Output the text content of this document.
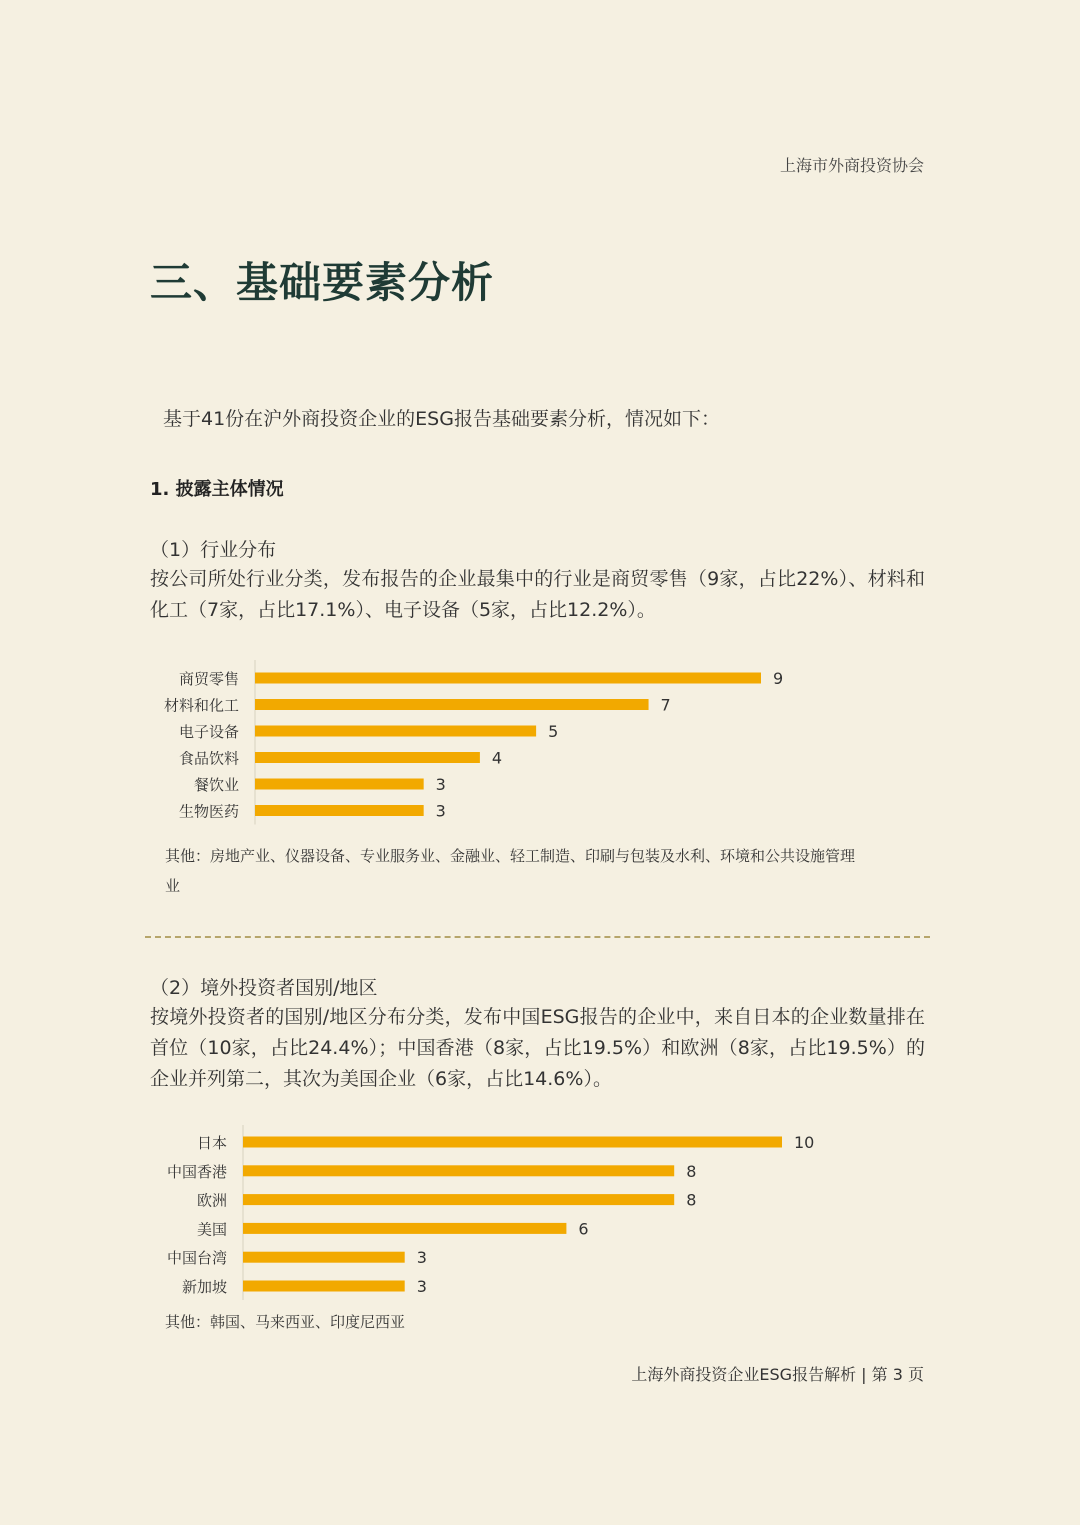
上海市外商投资协会
三、基础要素分析
基于41份在沪外商投资企业的ESG报告基础要素分析，情况如下：
1. 披露主体情况
（1）行业分布
按公司所处行业分类，发布报告的企业最集中的行业是商贸零售（9家，占比22%）、材料和化工（7家，占比17.1%）、电子设备（5家，占比12.2%）。
商贸零售	9
材料和化工	7
电子设备	5
食品饮料	4
餐饮业	3
生物医药	3
其他：房地产业、仪器设备、专业服务业、金融业、轻工制造、印刷与包装及水利、环境和公共设施管理业
（2）境外投资者国别/地区
按境外投资者的国别/地区分布分类，发布中国ESG报告的企业中，来自日本的企业数量排在首位（10家，占比24.4%）；中国香港（8家，占比19.5%）和欧洲（8家，占比19.5%）的企业并列第二，其次为美国企业（6家，占比14.6%）。
日本	10
中国香港	8
欧洲	8
美国	6
中国台湾	3
新加坡	3
其他：韩国、马来西亚、印度尼西亚
上海外商投资企业ESG报告解析 | 第 3 页
